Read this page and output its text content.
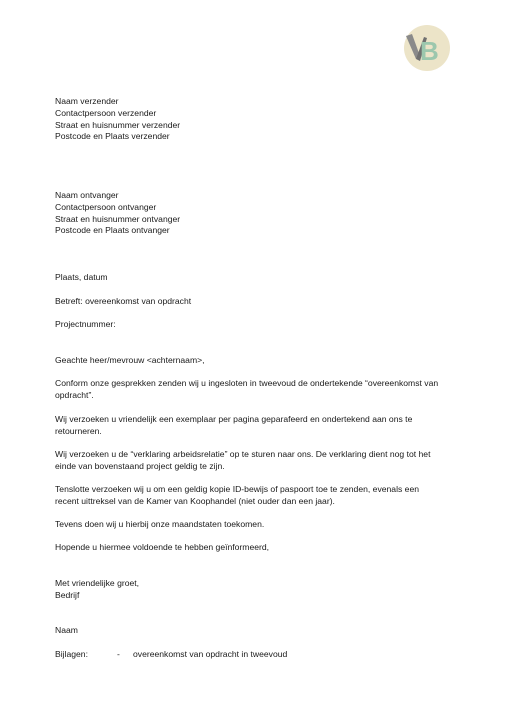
B
Naam verzender
Contactpersoon verzender
Straat en huisnummer verzender
Postcode en Plaats verzender
Naam ontvanger
Contactpersoon ontvanger
Straat en huisnummer ontvanger
Postcode en Plaats ontvanger
Plaats, datum
Betreft: overeenkomst van opdracht
Projectnummer:
Geachte heer/mevrouw <achternaam>,
Conform onze gesprekken zenden wij u ingesloten in tweevoud de ondertekende “overeenkomst van
opdracht”.
Wij verzoeken u vriendelijk een exemplaar per pagina geparafeerd en ondertekend aan ons te
retourneren.
Wij verzoeken u de “verklaring arbeidsrelatie” op te sturen naar ons. De verklaring dient nog tot het
einde van bovenstaand project geldig te zijn.
Tenslotte verzoeken wij u om een geldig kopie ID-bewijs of paspoort toe te zenden, evenals een
recent uittreksel van de Kamer van Koophandel (niet ouder dan een jaar).
Tevens doen wij u hierbij onze maandstaten toekomen.
Hopende u hiermee voldoende te hebben geïnformeerd,
Met vriendelijke groet,
Bedrijf
Naam
Bijlagen:	- overeenkomst van opdracht in tweevoud
